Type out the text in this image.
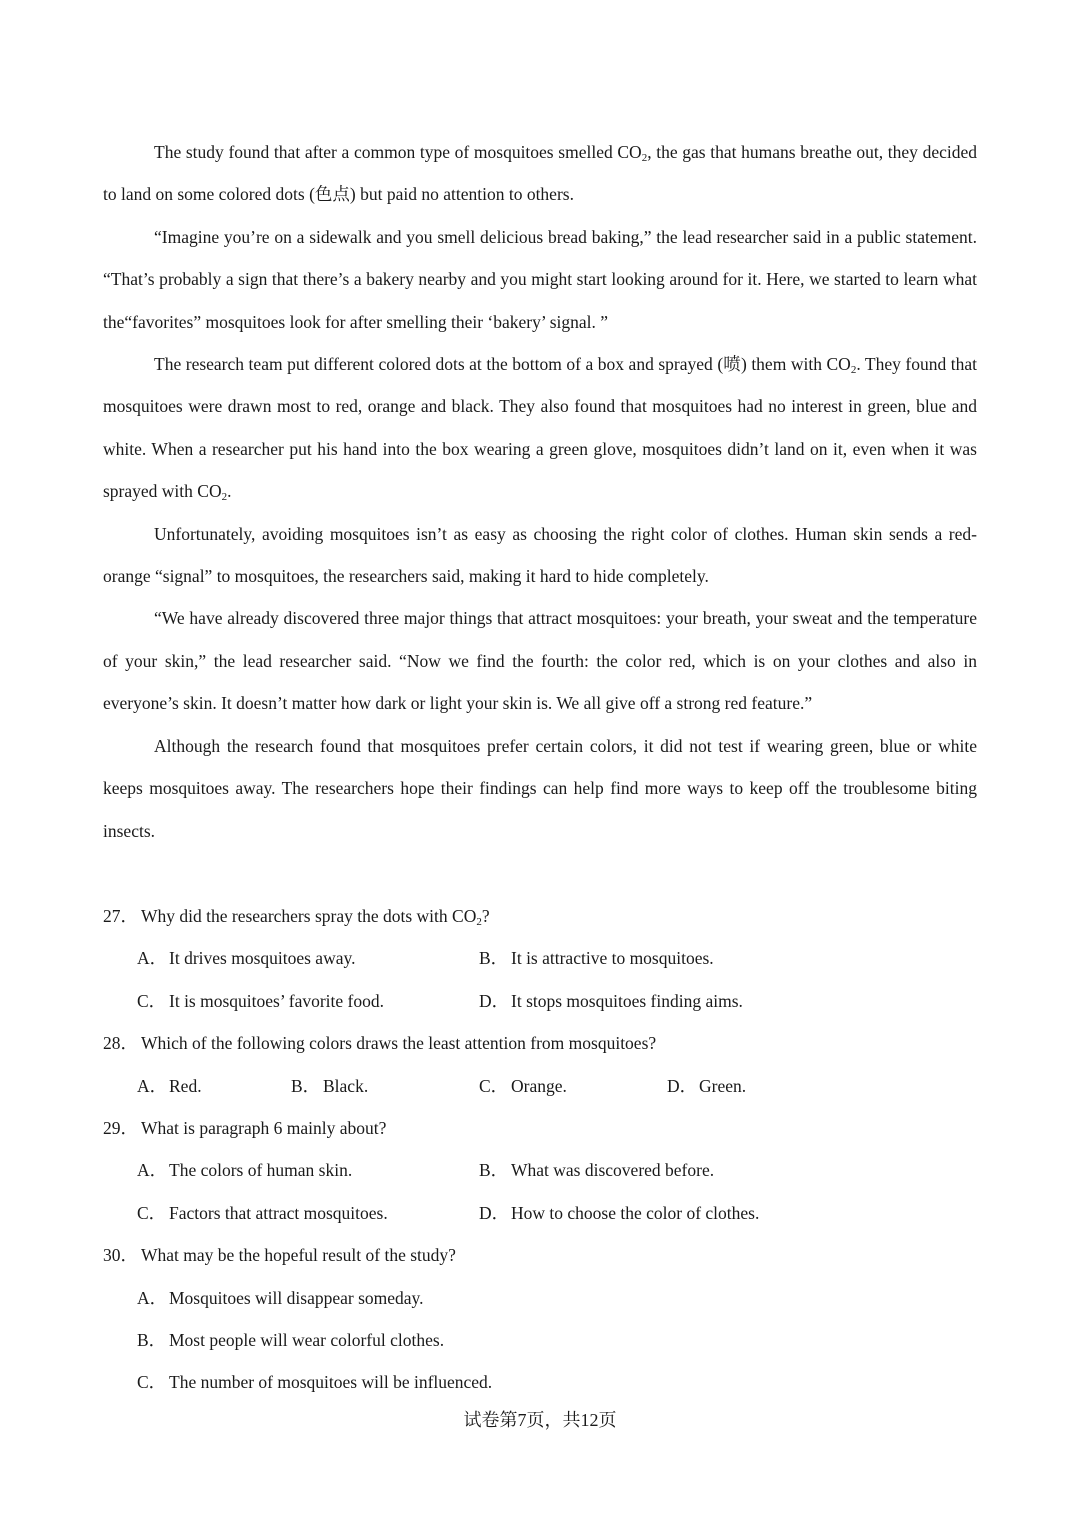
The study found that after a common type of mosquitoes smelled $CO_2$, the gas that humans breathe out, they decided to land on some colored dots (色点) but paid no attention to others.

“Imagine you’re on a sidewalk and you smell delicious bread baking,” the lead researcher said in a public statement. “That’s probably a sign that there’s a bakery nearby and you might start looking around for it. Here, we started to learn what the“favorites” mosquitoes look for after smelling their ‘bakery’ signal. ”

The research team put different colored dots at the bottom of a box and sprayed (喷) them with $CO_2$. They found that mosquitoes were drawn most to red, orange and black. They also found that mosquitoes had no interest in green, blue and white. When a researcher put his hand into the box wearing a green glove, mosquitoes didn’t land on it, even when it was sprayed with $CO_2$.

Unfortunately, avoiding mosquitoes isn’t as easy as choosing the right color of clothes. Human skin sends a red-orange “signal” to mosquitoes, the researchers said, making it hard to hide completely.

“We have already discovered three major things that attract mosquitoes: your breath, your sweat and the temperature of your skin,” the lead researcher said. “Now we find the fourth: the color red, which is on your clothes and also in everyone’s skin. It doesn’t matter how dark or light your skin is. We all give off a strong red feature.”

Although the research found that mosquitoes prefer certain colors, it did not test if wearing green, blue or white keeps mosquitoes away. The researchers hope their findings can help find more ways to keep off the troublesome biting insects.

27． Why did the researchers spray the dots with $CO_2$?

A． It drives mosquitoes away.	B． It is attractive to mosquitoes.
C． It is mosquitoes’ favorite food.	D． It stops mosquitoes finding aims.

28． Which of the following colors draws the least attention from mosquitoes?

A． Red.	B． Black.	C． Orange.	D． Green.

29． What is paragraph 6 mainly about?

A． The colors of human skin.	B． What was discovered before.
C． Factors that attract mosquitoes.	D． How to choose the color of clothes.

30． What may be the hopeful result of the study?

A． Mosquitoes will disappear someday.
B． Most people will wear colorful clothes.
C． The number of mosquitoes will be influenced.
试卷第7页，共12页
